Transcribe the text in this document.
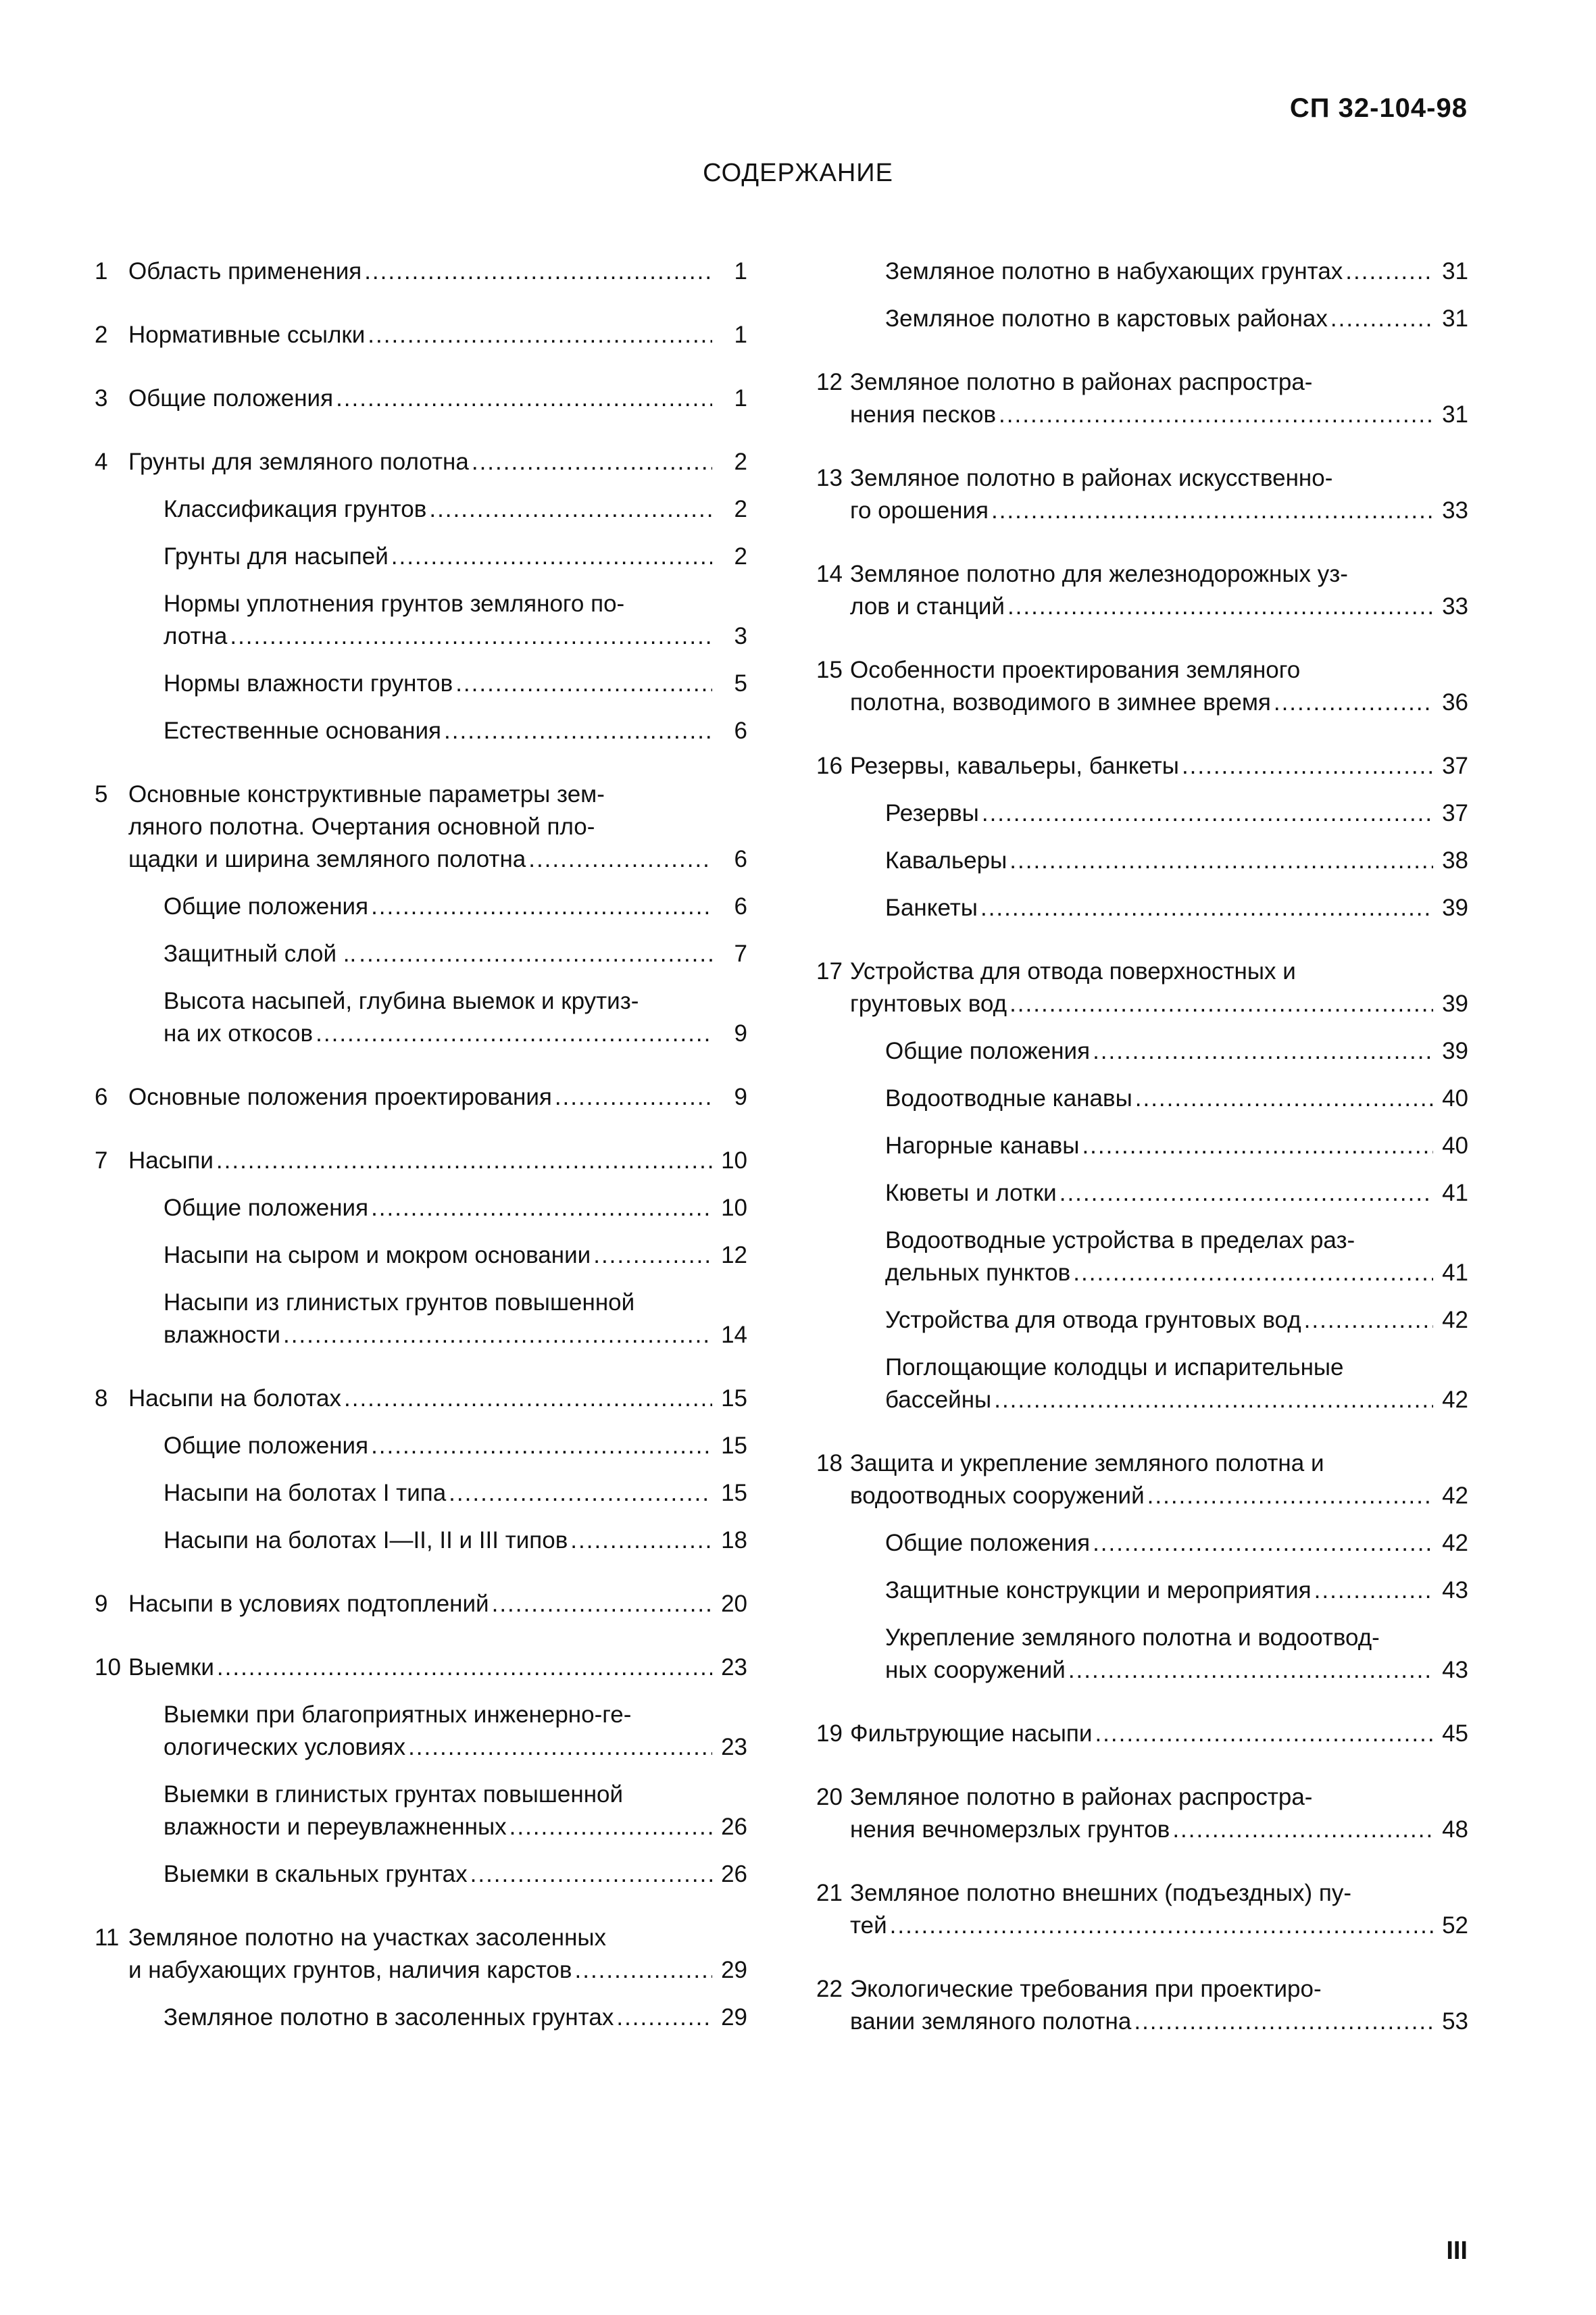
СП 32-104-98
СОДЕРЖАНИЕ
1 Область применения .....	1
2 Нормативные ссылки .....	1
3 Общие положения .....	1
4 Грунты для земляного полотна .....	2
Классификация грунтов .....	2
Грунты для насыпей .....	2
Нормы уплотнения грунтов земляного по-
лотна .....	3
Нормы влажности грунтов .....	5
Естественные основания .....	6
5 Основные конструктивные параметры зем-
ляного полотна. Очертания основной пло-
щадки и ширина земляного полотна .....	6
Общие положения .....	6
Защитный слой .. .....	7
Высота насыпей, глубина выемок и крутиз-
на их откосов .....	9
6 Основные положения проектирования .....	9
7 Насыпи .....	10
Общие положения .....	10
Насыпи на сыром и мокром основании .....	12
Насыпи из глинистых грунтов повышенной
влажности .....	14
8 Насыпи на болотах .....	15
Общие положения .....	15
Насыпи на болотах I типа .....	15
Насыпи на болотах I—II, II и III типов .....	18
9 Насыпи в условиях подтоплений .....	20
10 Выемки .....	23
Выемки при благоприятных инженерно-ге-
ологических условиях .....	23
Выемки в глинистых грунтах повышенной
влажности и переувлажненных .....	26
Выемки в скальных грунтах .....	26
11 Земляное полотно на участках засоленных
и набухающих грунтов, наличия карстов .....	29
Земляное полотно в засоленных грунтах .....	29
Земляное полотно в набухающих грунтах .....	31
Земляное полотно в карстовых районах .....	31
12 Земляное полотно в районах распростра-
нения песков .....	31
13 Земляное полотно в районах искусственно-
го орошения .....	33
14 Земляное полотно для железнодорожных уз-
лов и станций .....	33
15 Особенности проектирования земляного
полотна, возводимого в зимнее время .....	36
16 Резервы, кавальеры, банкеты .....	37
Резервы .....	37
Кавальеры .....	38
Банкеты .....	39
17 Устройства для отвода поверхностных и
грунтовых вод .....	39
Общие положения .....	39
Водоотводные канавы .....	40
Нагорные канавы .....	40
Кюветы и лотки .....	41
Водоотводные устройства в пределах раз-
дельных пунктов .....	41
Устройства для отвода грунтовых вод .....	42
Поглощающие колодцы и испарительные
бассейны .....	42
18 Защита и укрепление земляного полотна и
водоотводных сооружений .....	42
Общие положения .....	42
Защитные конструкции и мероприятия .....	43
Укрепление земляного полотна и водоотвод-
ных сооружений .....	43
19 Фильтрующие насыпи .....	45
20 Земляное полотно в районах распростра-
нения вечномерзлых грунтов .....	48
21 Земляное полотно внешних (подъездных) пу-
тей .....	52
22 Экологические требования при проектиро-
вании земляного полотна .....	53
III
